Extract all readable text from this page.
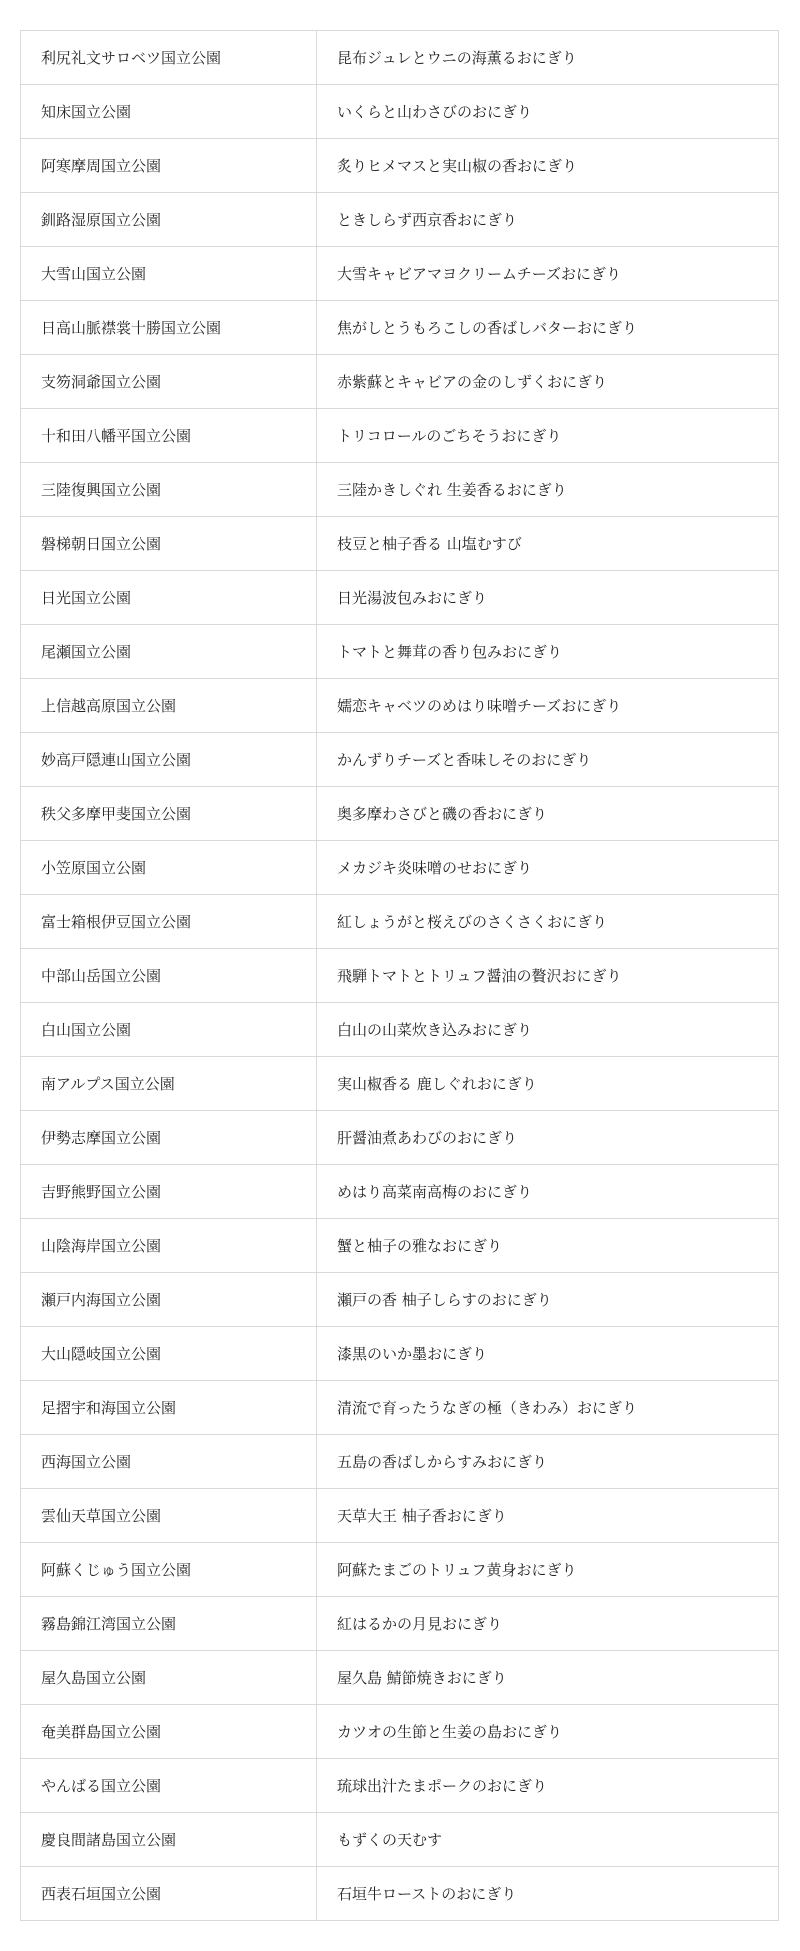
利尻礼文サロベツ国立公園	昆布ジュレとウニの海薫るおにぎり
知床国立公園	いくらと山わさびのおにぎり
阿寒摩周国立公園	炙りヒメマスと実山椒の香おにぎり
釧路湿原国立公園	ときしらず西京香おにぎり
大雪山国立公園	大雪キャビアマヨクリームチーズおにぎり
日高山脈襟裳十勝国立公園	焦がしとうもろこしの香ばしバターおにぎり
支笏洞爺国立公園	赤紫蘇とキャビアの金のしずくおにぎり
十和田八幡平国立公園	トリコロールのごちそうおにぎり
三陸復興国立公園	三陸かきしぐれ 生姜香るおにぎり
磐梯朝日国立公園	枝豆と柚子香る 山塩むすび
日光国立公園	日光湯波包みおにぎり
尾瀬国立公園	トマトと舞茸の香り包みおにぎり
上信越高原国立公園	嬬恋キャベツのめはり味噌チーズおにぎり
妙高戸隠連山国立公園	かんずりチーズと香味しそのおにぎり
秩父多摩甲斐国立公園	奥多摩わさびと磯の香おにぎり
小笠原国立公園	メカジキ炎味噌のせおにぎり
富士箱根伊豆国立公園	紅しょうがと桜えびのさくさくおにぎり
中部山岳国立公園	飛騨トマトとトリュフ醤油の贅沢おにぎり
白山国立公園	白山の山菜炊き込みおにぎり
南アルプス国立公園	実山椒香る 鹿しぐれおにぎり
伊勢志摩国立公園	肝醤油煮あわびのおにぎり
吉野熊野国立公園	めはり高菜南高梅のおにぎり
山陰海岸国立公園	蟹と柚子の雅なおにぎり
瀬戸内海国立公園	瀬戸の香 柚子しらすのおにぎり
大山隠岐国立公園	漆黒のいか墨おにぎり
足摺宇和海国立公園	清流で育ったうなぎの極（きわみ）おにぎり
西海国立公園	五島の香ばしからすみおにぎり
雲仙天草国立公園	天草大王 柚子香おにぎり
阿蘇くじゅう国立公園	阿蘇たまごのトリュフ黄身おにぎり
霧島錦江湾国立公園	紅はるかの月見おにぎり
屋久島国立公園	屋久島 鯖節焼きおにぎり
奄美群島国立公園	カツオの生節と生姜の島おにぎり
やんばる国立公園	琉球出汁たまポークのおにぎり
慶良間諸島国立公園	もずくの天むす
西表石垣国立公園	石垣牛ローストのおにぎり
